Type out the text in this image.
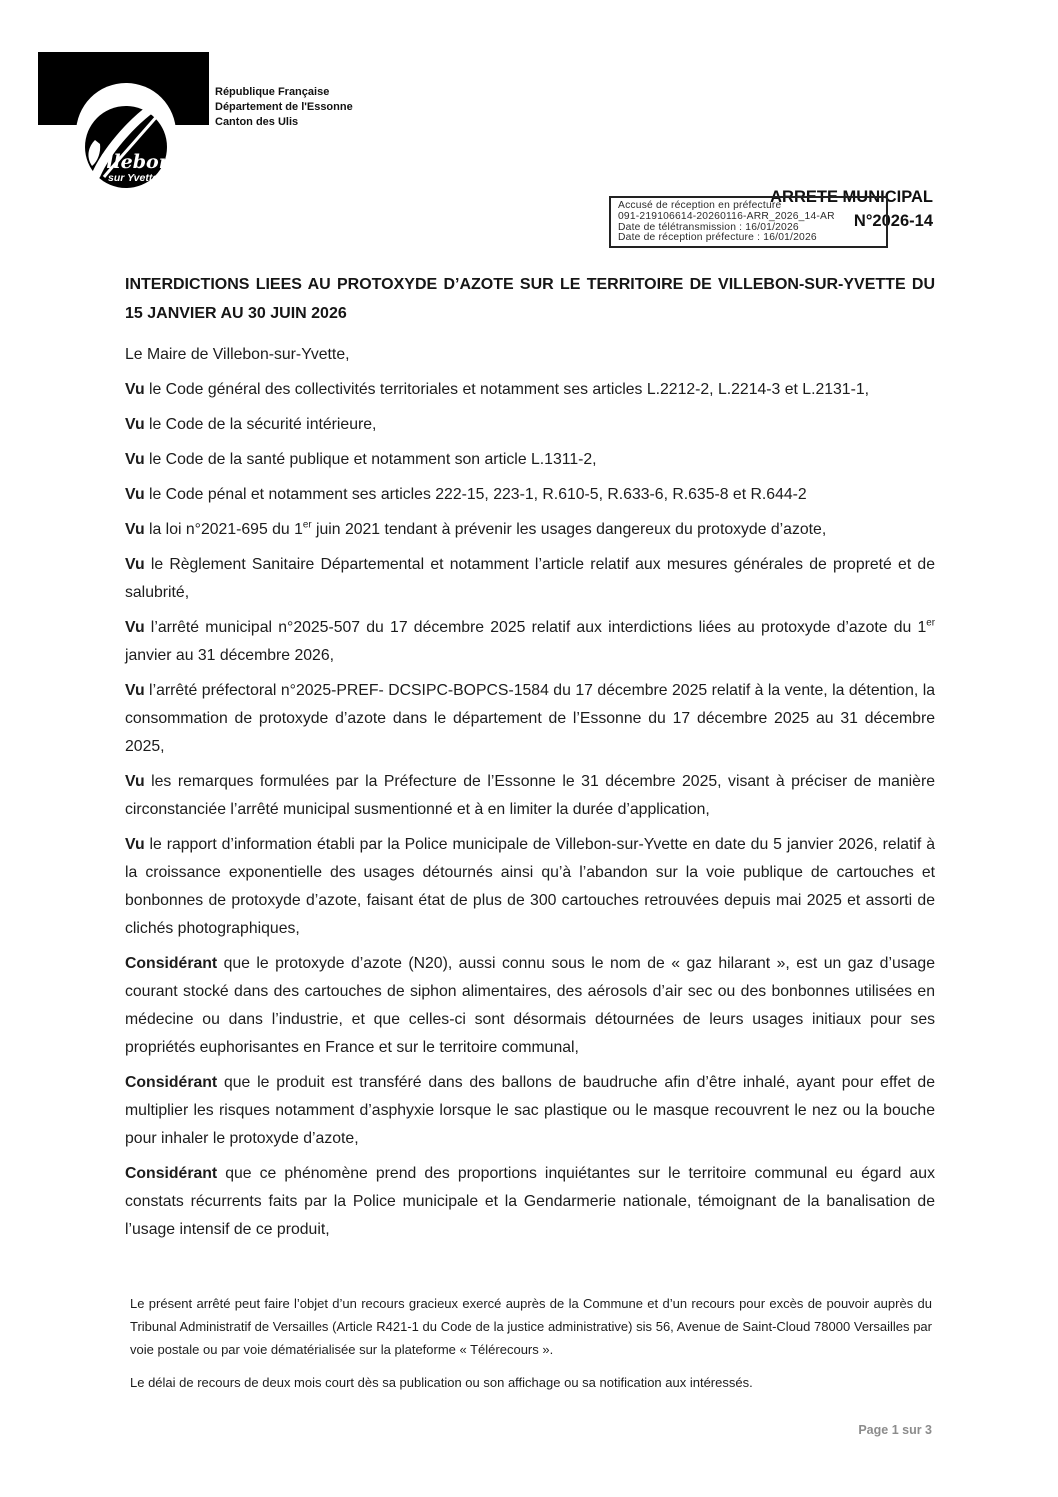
illebon
sur Yvette
République Française
Département de l'Essonne
Canton des Ulis
ARRETE MUNICIPAL
N°2026-14
Accusé de réception en préfecture
091-219106614-20260116-ARR_2026_14-AR
Date de télétransmission : 16/01/2026
Date de réception préfecture : 16/01/2026
INTERDICTIONS LIEES AU PROTOXYDE D’AZOTE SUR LE TERRITOIRE DE VILLEBON-SUR-YVETTE DU 15 JANVIER AU 30 JUIN 2026
Le Maire de Villebon-sur-Yvette,

Vu le Code général des collectivités territoriales et notamment ses articles L.2212-2, L.2214-3 et L.2131-1,

Vu le Code de la sécurité intérieure,

Vu le Code de la santé publique et notamment son article L.1311-2,

Vu le Code pénal et notamment ses articles 222-15, 223-1, R.610-5, R.633-6, R.635-8 et R.644-2

Vu la loi n°2021-695 du 1er juin 2021 tendant à prévenir les usages dangereux du protoxyde d’azote,

Vu le Règlement Sanitaire Départemental et notamment l’article relatif aux mesures générales de propreté et de salubrité,

Vu l’arrêté municipal n°2025-507 du 17 décembre 2025 relatif aux interdictions liées au protoxyde d’azote du 1er janvier au 31 décembre 2026,

Vu l’arrêté préfectoral n°2025-PREF- DCSIPC-BOPCS-1584 du 17 décembre 2025 relatif à la vente, la détention, la consommation de protoxyde d’azote dans le département de l’Essonne du 17 décembre 2025 au 31 décembre 2025,

Vu les remarques formulées par la Préfecture de l’Essonne le 31 décembre 2025, visant à préciser de manière circonstanciée l’arrêté municipal susmentionné et à en limiter la durée d’application,

Vu le rapport d’information établi par la Police municipale de Villebon-sur-Yvette en date du 5 janvier 2026, relatif à la croissance exponentielle des usages détournés ainsi qu’à l’abandon sur la voie publique de cartouches et bonbonnes de protoxyde d’azote, faisant état de plus de 300 cartouches retrouvées depuis mai 2025 et assorti de clichés photographiques,

Considérant que le protoxyde d’azote (N20), aussi connu sous le nom de « gaz hilarant », est un gaz d’usage courant stocké dans des cartouches de siphon alimentaires, des aérosols d’air sec ou des bonbonnes utilisées en médecine ou dans l’industrie, et que celles-ci sont désormais détournées de leurs usages initiaux pour ses propriétés euphorisantes en France et sur le territoire communal,

Considérant que le produit est transféré dans des ballons de baudruche afin d’être inhalé, ayant pour effet de multiplier les risques notamment d’asphyxie lorsque le sac plastique ou le masque recouvrent le nez ou la bouche pour inhaler le protoxyde d’azote,

Considérant que ce phénomène prend des proportions inquiétantes sur le territoire communal eu égard aux constats récurrents faits par la Police municipale et la Gendarmerie nationale, témoignant de la banalisation de l’usage intensif de ce produit,

Le présent arrêté peut faire l’objet d’un recours gracieux exercé auprès de la Commune et d’un recours pour excès de pouvoir auprès du Tribunal Administratif de Versailles (Article R421-1 du Code de la justice administrative) sis 56, Avenue de Saint-Cloud 78000 Versailles par voie postale ou par voie dématérialisée sur la plateforme « Télérecours ».

Le délai de recours de deux mois court dès sa publication ou son affichage ou sa notification aux intéressés.

Page 1 sur 3
